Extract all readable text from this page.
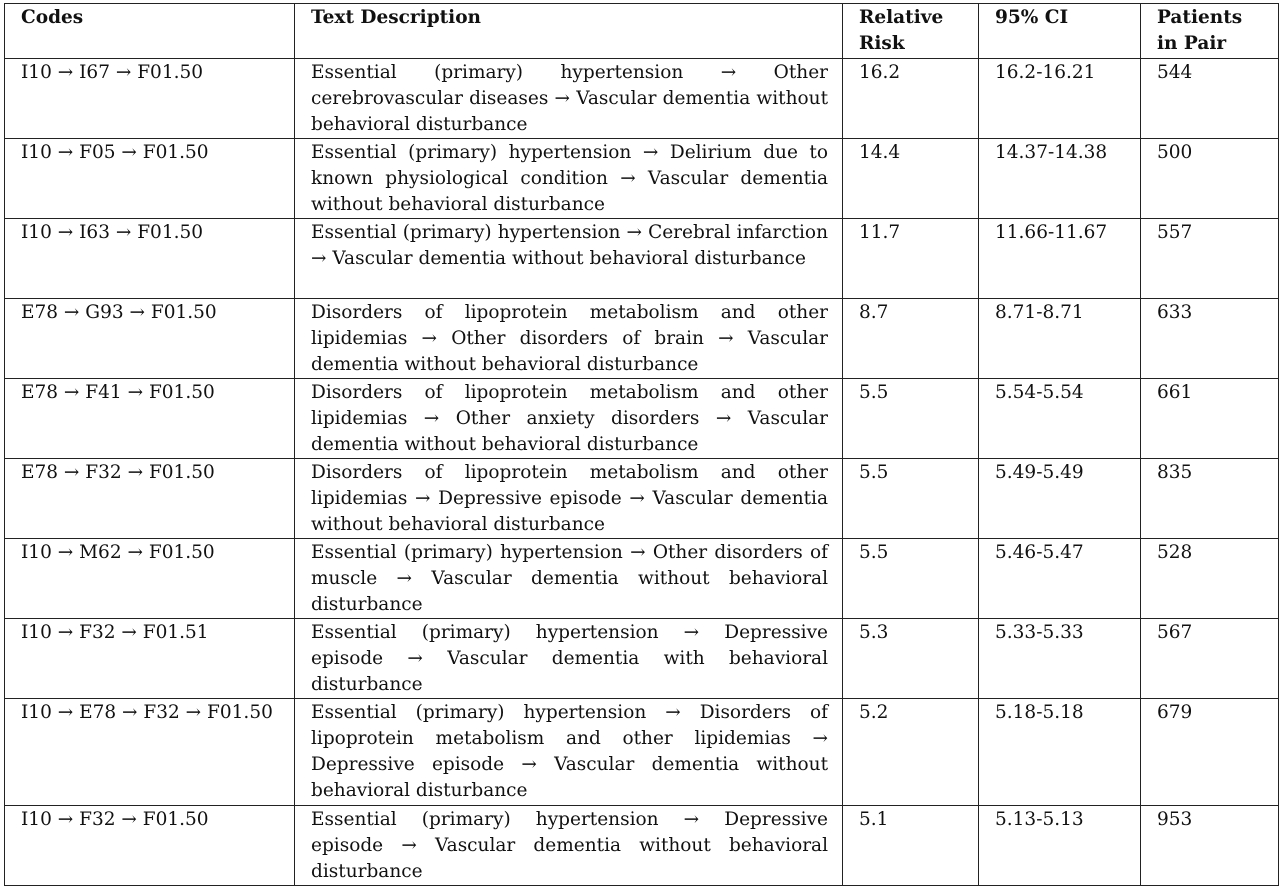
Codes	Text Description	Relative Risk	95% CI	Patients in Pair
I10 → I67 → F01.50	Essential (primary) hypertension → Other cerebrovascular diseases → Vascular dementia without behavioral disturbance	16.2	16.2-16.21	544
I10 → F05 → F01.50	Essential (primary) hypertension → Delirium due to known physiological condition → Vascular dementia without behavioral disturbance	14.4	14.37-14.38	500
I10 → I63 → F01.50	Essential (primary) hypertension → Cerebral infarction → Vascular dementia without behavioral disturbance	11.7	11.66-11.67	557
E78 → G93 → F01.50	Disorders of lipoprotein metabolism and other lipidemias → Other disorders of brain → Vascular dementia without behavioral disturbance	8.7	8.71-8.71	633
E78 → F41 → F01.50	Disorders of lipoprotein metabolism and other lipidemias → Other anxiety disorders → Vascular dementia without behavioral disturbance	5.5	5.54-5.54	661
E78 → F32 → F01.50	Disorders of lipoprotein metabolism and other lipidemias → Depressive episode → Vascular dementia without behavioral disturbance	5.5	5.49-5.49	835
I10 → M62 → F01.50	Essential (primary) hypertension → Other disorders of muscle → Vascular dementia without behavioral disturbance	5.5	5.46-5.47	528
I10 → F32 → F01.51	Essential (primary) hypertension → Depressive episode → Vascular dementia with behavioral disturbance	5.3	5.33-5.33	567
I10 → E78 → F32 → F01.50	Essential (primary) hypertension → Disorders of lipoprotein metabolism and other lipidemias → Depressive episode → Vascular dementia without behavioral disturbance	5.2	5.18-5.18	679
I10 → F32 → F01.50	Essential (primary) hypertension → Depressive episode → Vascular dementia without behavioral disturbance	5.1	5.13-5.13	953
